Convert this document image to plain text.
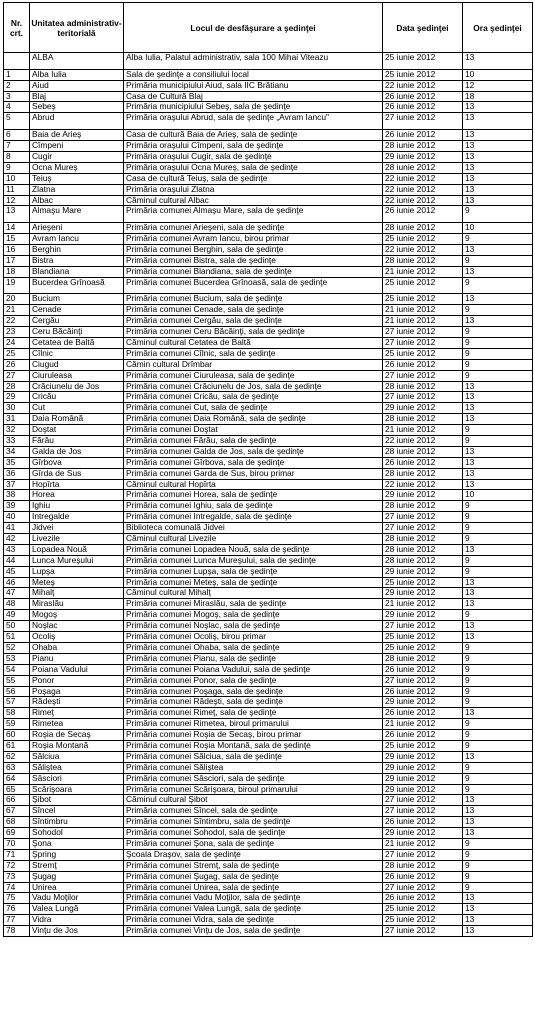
Nr. crt.	Unitatea administrativ-teritorială	Locul de desfăşurare a şedinţei	Data şedinţei	Ora şedinţei
	ALBA	Alba Iulia, Palatul administrativ, sala 100 Mihai Viteazu	25 iunie 2012	13
1	Alba Iulia	Sala de şedinţe a consiliului local	25 iunie 2012	10
2	Aiud	Primăria municipiului Aiud, sala IIC Brătianu	22 iunie 2012	12
3	Blaj	Casa de Cultură Blaj	26 iunie 2012	18
4	Sebeş	Primăria municipiului Sebeş, sala de şedinţe	26 iunie 2012	13
5	Abrud	Primăria oraşului Abrud, sala de şedinţe „Avram Iancu"	27 iunie 2012	13
6	Baia de Arieş	Casa de cultură Baia de Arieş, sala de şedinţe	26 iunie 2012	13
7	Cîmpeni	Primăria oraşului Cîmpeni, sala de şedinţe	28 iunie 2012	13
8	Cugir	Primăria oraşului Cugir, sala de şedinţe	29 iunie 2012	13
9	Ocna Mureş	Primăria oraşului Ocna Mureş, sala de şedinţe	28 iunie 2012	13
10	Teiuş	Casa de cultură Teiuş, sala de şedinţe	22 iunie 2012	13
11	Zlatna	Primăria oraşului Zlatna	22 iunie 2012	13
12	Albac	Căminul cultural Albac	22 iunie 2012	13
13	Almaşu Mare	Primăria comunei Almaşu Mare, sala de şedinţe	26 iunie 2012	9
14	Arieşeni	Primăria comunei Arieşeni, sala de şedinţe	28 iunie 2012	10
15	Avram Iancu	Primăria comunei Avram Iancu, birou primar	25 iunie 2012	9
16	Berghin	Primăria comunei Berghin, sala de şedinţe	22 iunie 2012	13
17	Bistra	Primăria comunei Bistra, sala de şedinţe	28 iunie 2012	9
18	Blandiana	Primăria comunei Blandiana, sala de şedinţe	21 iunie 2012	13
19	Bucerdea Grînoasă	Primăria comunei Bucerdea Grînoasă, sala de şedinţe	25 iunie 2012	9
20	Bucium	Primăria comunei Bucium, sala de şedinţe	25 iunie 2012	13
21	Cenade	Primăria comunei Cenade, sala de şedinţe	21 iunie 2012	9
22	Cergău	Primăria comunei Cergău, sala de şedinţe	21 iunie 2012	13
23	Ceru Băcăinţi	Primăria comunei Ceru Băcăinţi, sala de şedinţe	27 iunie 2012	9
24	Cetatea de Baltă	Căminul cultural Cetatea de Baltă	27 iunie 2012	9
25	Cîlnic	Primăria comunei Cîlnic, sala de şedinţe	25 iunie 2012	9
26	Ciugud	Cămin cultural Drîmbar	26 iunie 2012	9
27	Ciuruleasa	Primăria comunei Ciuruleasa, sala de şedinţe	27 iunie 2012	9
28	Crăciunelu de Jos	Primăria comunei Crăciunelu de Jos, sala de şedinţe	28 iunie 2012	13
29	Cricău	Primăria comunei Cricău, sala de şedinţe	27 iunie 2012	13
30	Cut	Primăria comunei Cut, sala de şedinţe	29 iunie 2012	13
31	Daia Română	Primăria comunei Daia Română, sala de şedinţe	28 iunie 2012	13
32	Doştat	Primăria comunei Doştat	21 iunie 2012	9
33	Fărău	Primăria comunei Fărău, sala de şedinţe	22 iunie 2012	9
34	Galda de Jos	Primăria comunei Galda de Jos, sala de şedinţe	28 iunie 2012	13
35	Gîrbova	Primăria comunei Gîrbova, sala de şedinţe	26 iunie 2012	13
36	Gîrda de Sus	Primăria comunei Garda de Sus, birou primar	28 iunie 2012	13
37	Hopîrta	Căminul cultural Hopîrta	22 iunie 2012	13
38	Horea	Primăria comunei Horea, sala de şedinţe	29 iunie 2012	10
39	Ighiu	Primăria comunei Ighiu, sala de şedinţe	28 iunie 2012	9
40	Intregalde	Primăria comunei Intregalde, sala de şedinţe	27 iunie 2012	9
41	Jidvei	Biblioteca comunală Jidvei	27 iunie 2012	9
42	Livezile	Căminul cultural Livezile	28 iunie 2012	9
43	Lopadea Nouă	Primăria comunei Lopadea Nouă, sala de şedinţe	28 iunie 2012	13
44	Lunca Mureşului	Primăria comunei Lunca Mureşului, sala de şedinţe	28 iunie 2012	9
45	Lupşa	Primăria comunei Lupşa, sala de şedinţe	29 iunie 2012	9
46	Meteş	Primăria comunei Meteş, sala de şedinţe	25 iunie 2012	13
47	Mihalţ	Căminul cultural Mihalţ	29 iunie 2012	13
48	Miraslău	Primăria comunei Miraslău, sala de şedinţe	21 iunie 2012	13
49	Mogoş	Primăria comunei Mogoş, sala de şedinţe	29 iunie 2012	9
50	Noşlac	Primăria comunei Noşlac, sala de şedinţe	27 iunie 2012	13
51	Ocoliş	Primăria comunei Ocoliş, birou primar	25 iunie 2012	13
52	Ohaba	Primăria comunei Ohaba, sala de şedinţe	25 iunie 2012	9
53	Pianu	Primăria comunei Pianu, sala de şedinţe	28 iunie 2012	9
54	Poiana Vadului	Primăria comunei Poiana Vadului, sala de şedinţe	26 iunie 2012	9
55	Ponor	Primăria comunei Ponor, sala de şedinţe	27 iunie 2012	9
56	Poşaga	Primăria comunei Poşaga, sala de şedinţe	26 iunie 2012	9
57	Rădeşti	Primăria comunei Rădeşti, sala de şedinţe	29 iunie 2012	9
58	Rimeţ	Primăria comunei Rimeţ, sala de şedinţe	26 iunie 2012	13
59	Rimetea	Primăria comunei Rimetea, biroul primarului	21 iunie 2012	9
60	Roşia de Secaş	Primăria comunei Roşia de Secaş, birou primar	26 iunie 2012	9
61	Roşia Montană	Primăria comunei Roşia Montană, sala de şedinţe	25 iunie 2012	9
62	Sălciua	Primăria comunei Sălciua, sala de şedinţe	29 iunie 2012	13
63	Săliştea	Primăria comunei Săliştea	29 iunie 2012	9
64	Sâsciori	Primăria comunei Sâsciori, sala de şedinţe	29 iunie 2012	9
65	Scărişoara	Primăria comunei Scărişoara, biroul primarului	29 iunie 2012	9
66	Şibot	Căminul cultural Şibot	27 iunie 2012	13
67	Sîncel	Primăria comunei Sîncel, sala de şedinţe	27 iunie 2012	13
68	Sîntimbru	Primăria comunei Sîntimbru, sala de şedinţe	26 iunie 2012	13
69	Sohodol	Primăria comunei Sohodol, sala de şedinţe	29 iunie 2012	13
70	Şona	Primăria comunei Şona, sala de şedinţe	21 iunie 2012	9
71	Şpring	Şcoala Draşov, sala de şedinţe	27 iunie 2012	9
72	Stremţ	Primăria comunei Stremţ, sala de şedinţe	28 iunie 2012	9
73	Şugag	Primăria comunei Şugag, sala de şedinţe	26 iunie 2012	9
74	Unirea	Primăria comunei Unirea, sala de şedinţe	27 iunie 2012	9
75	Vadu Moţilor	Primăria comunei Vadu Moţilor, sala de şedinţe	26 iunie 2012	13
76	Valea Lungă	Primăria comunei Valea Lungă, sala de şedinţe	25 iunie 2012	13
77	Vidra	Primăria comunei Vidra, sala de şedinţe	25 iunie 2012	13
78	Vinţu de Jos	Primăria comunei Vinţu de Jos, sala de şedinţe	27 iunie 2012	13
